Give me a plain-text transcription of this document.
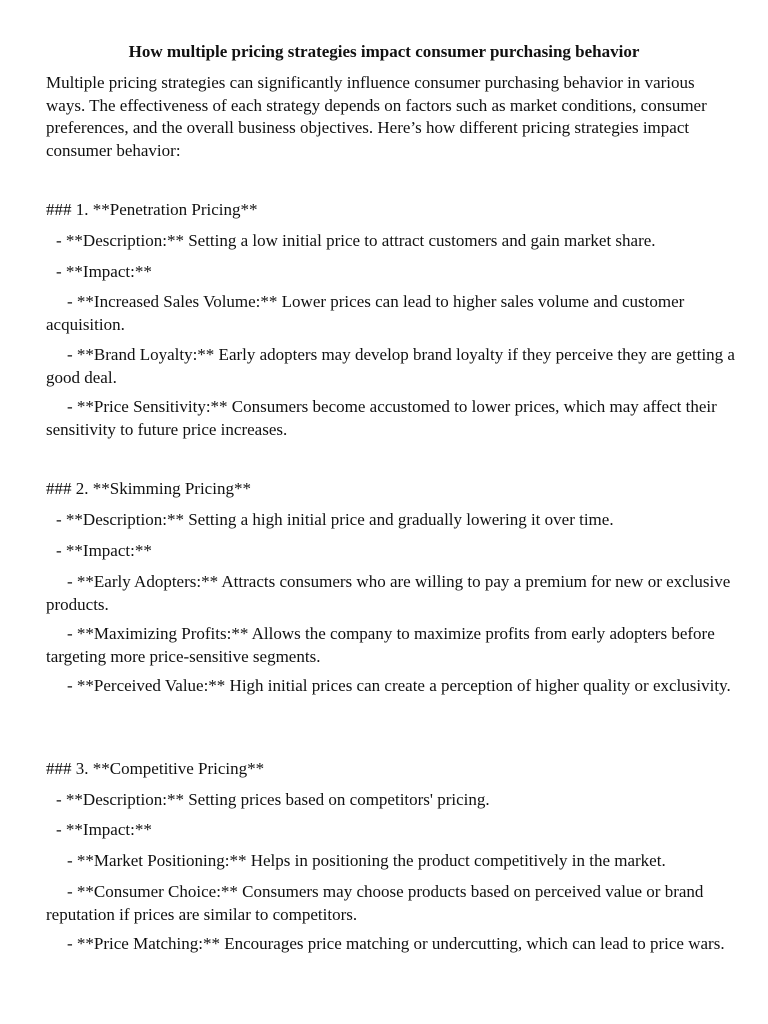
How multiple pricing strategies impact consumer purchasing behavior

Multiple pricing strategies can significantly influence consumer purchasing behavior in various ways. The effectiveness of each strategy depends on factors such as market conditions, consumer preferences, and the overall business objectives. Here’s how different pricing strategies impact consumer behavior:

### 1. **Penetration Pricing**

- **Description:** Setting a low initial price to attract customers and gain market share.

- **Impact:**

- **Increased Sales Volume:** Lower prices can lead to higher sales volume and customer acquisition.

- **Brand Loyalty:** Early adopters may develop brand loyalty if they perceive they are getting a good deal.

- **Price Sensitivity:** Consumers become accustomed to lower prices, which may affect their sensitivity to future price increases.

### 2. **Skimming Pricing**

- **Description:** Setting a high initial price and gradually lowering it over time.

- **Impact:**

- **Early Adopters:** Attracts consumers who are willing to pay a premium for new or exclusive products.

- **Maximizing Profits:** Allows the company to maximize profits from early adopters before targeting more price-sensitive segments.

- **Perceived Value:** High initial prices can create a perception of higher quality or exclusivity.

### 3. **Competitive Pricing**

- **Description:** Setting prices based on competitors' pricing.

- **Impact:**

- **Market Positioning:** Helps in positioning the product competitively in the market.

- **Consumer Choice:** Consumers may choose products based on perceived value or brand reputation if prices are similar to competitors.

- **Price Matching:** Encourages price matching or undercutting, which can lead to price wars.
